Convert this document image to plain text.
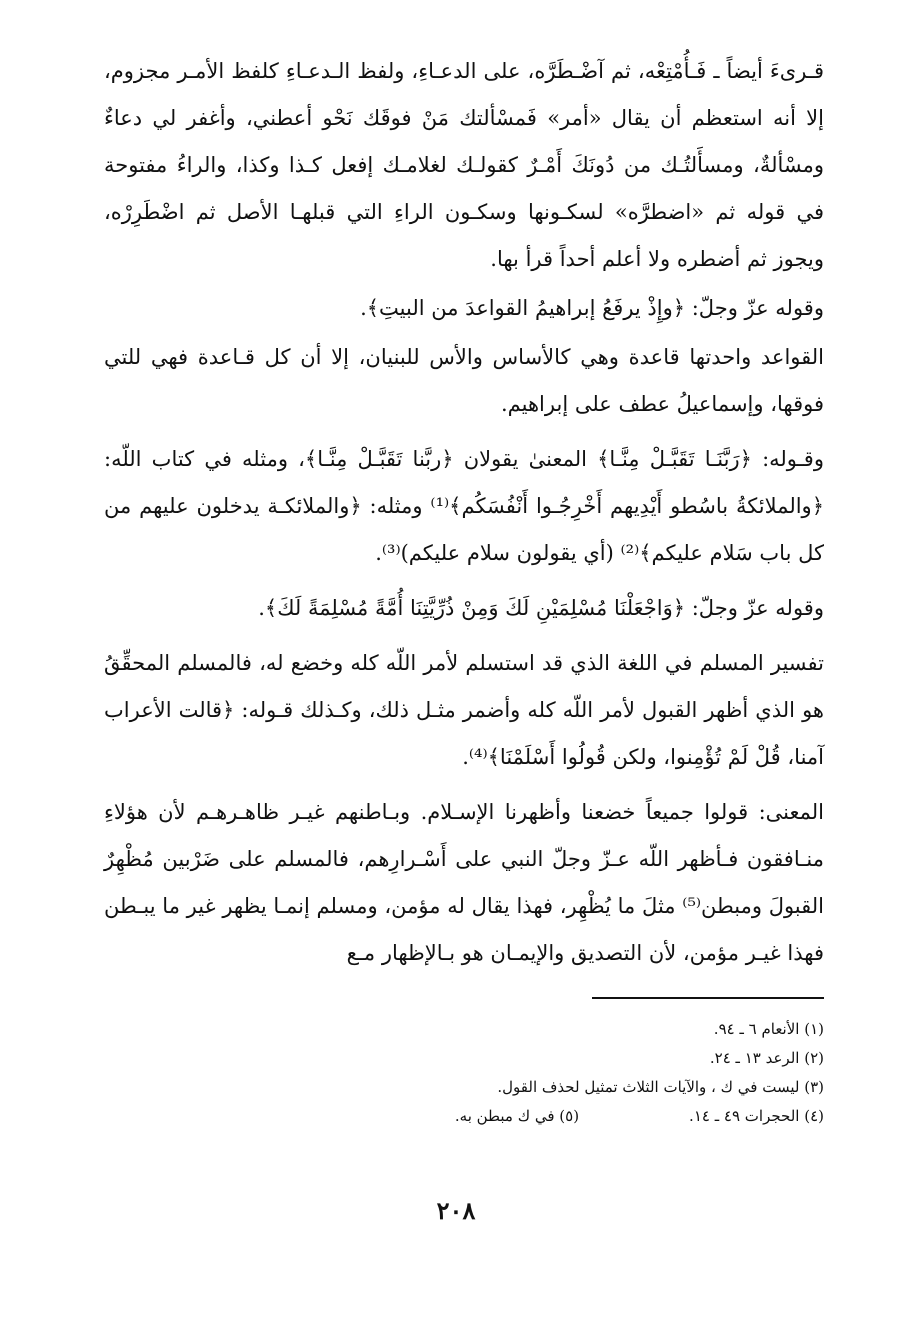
قـرىءَ أيضاً ـ فَـأُمْتِعْه، ثم آضْـطَرَّه، على الدعـاءِ، ولفظ الـدعـاءِ كلفظ الأمـر مجزوم، إلا أنه استعظم أن يقال «أمر» فَمسْألتك مَنْ فوقَك نَحْو أعطني، وأغفر لي دعاءٌ ومسْألةٌ، ومسأَلتُـك من دُونَكَ أَمْـرٌ كقولـك لغلامـك إفعل كـذا وكذا، والراءُ مفتوحة في قوله ثم «اضطرَّه» لسكـونها وسكـون الراءِ التي قبلهـا الأصل ثم اضْطَرِرْه، ويجوز ثم أضطره ولا أعلم أحداً قرأ بها.

وقوله عزّ وجلّ: ﴿وإِذْ يرفَعُ إبراهيمُ القواعدَ من البيتِ﴾.

القواعد واحدتها قاعدة وهي كالأساس والأس للبنيان، إلا أن كل قـاعدة فهي للتي فوقها، وإسماعيلُ عطف على إبراهيم.

وقـوله: ﴿رَبَّنَـا تَقَبَّـلْ مِنَّـا﴾ المعنىٰ يقولان ﴿ربَّنا تَقَبَّـلْ مِنَّـا﴾، ومثله في كتاب اللّه: ﴿والملائكةُ باسُطو أَيْدِيهم أَخْرِجُـوا أَنْفُسَكُم﴾⁽¹⁾ ومثله: ﴿والملائكـة يدخلون عليهم من كل باب سَلام عليكم﴾⁽²⁾ (أي يقولون سلام عليكم)⁽³⁾.

وقوله عزّ وجلّ: ﴿وَاجْعَلْنَا مُسْلِمَيْنِ لَكَ وَمِنْ ذُرِّيَّتِنَا أُمَّةً مُسْلِمَةً لَكَ﴾.

تفسير المسلم في اللغة الذي قد استسلم لأمر اللّه كله وخضع له، فالمسلم المحقِّقُ هو الذي أظهر القبول لأمر اللّه كله وأضمر مثـل ذلك، وكـذلك قـوله: ﴿قالت الأعراب آمنا، قُلْ لَمْ تُؤْمِنوا، ولكن قُولُوا أَسْلَمْنَا﴾⁽⁴⁾.

المعنى: قولوا جميعاً خضعنا وأظهرنا الإسـلام. وبـاطنهم غيـر ظاهـرهـم لأن هؤلاءِ منـافقون فـأظهر اللّه عـزّ وجلّ النبي على أَسْـرارِهم، فالمسلم على ضَرْبين مُظْهِرٌ القبولَ ومبطن⁽⁵⁾ مثلَ ما يُظْهِر، فهذا يقال له مؤمن، ومسلم إنمـا يظهر غير ما يبـطن فهذا غيـر مؤمن، لأن التصديق والإيمـان هو بـالإظهار مـع

(١) الأنعام ٦ ـ ٩٤.
(٢) الرعد ١٣ ـ ٢٤.
(٣) ليست في ك ، والآيات الثلاث تمثيل لحذف القول.
(٤) الحجرات ٤٩ ـ ١٤.
(٥) في ك مبطن به.
٢٠٨
